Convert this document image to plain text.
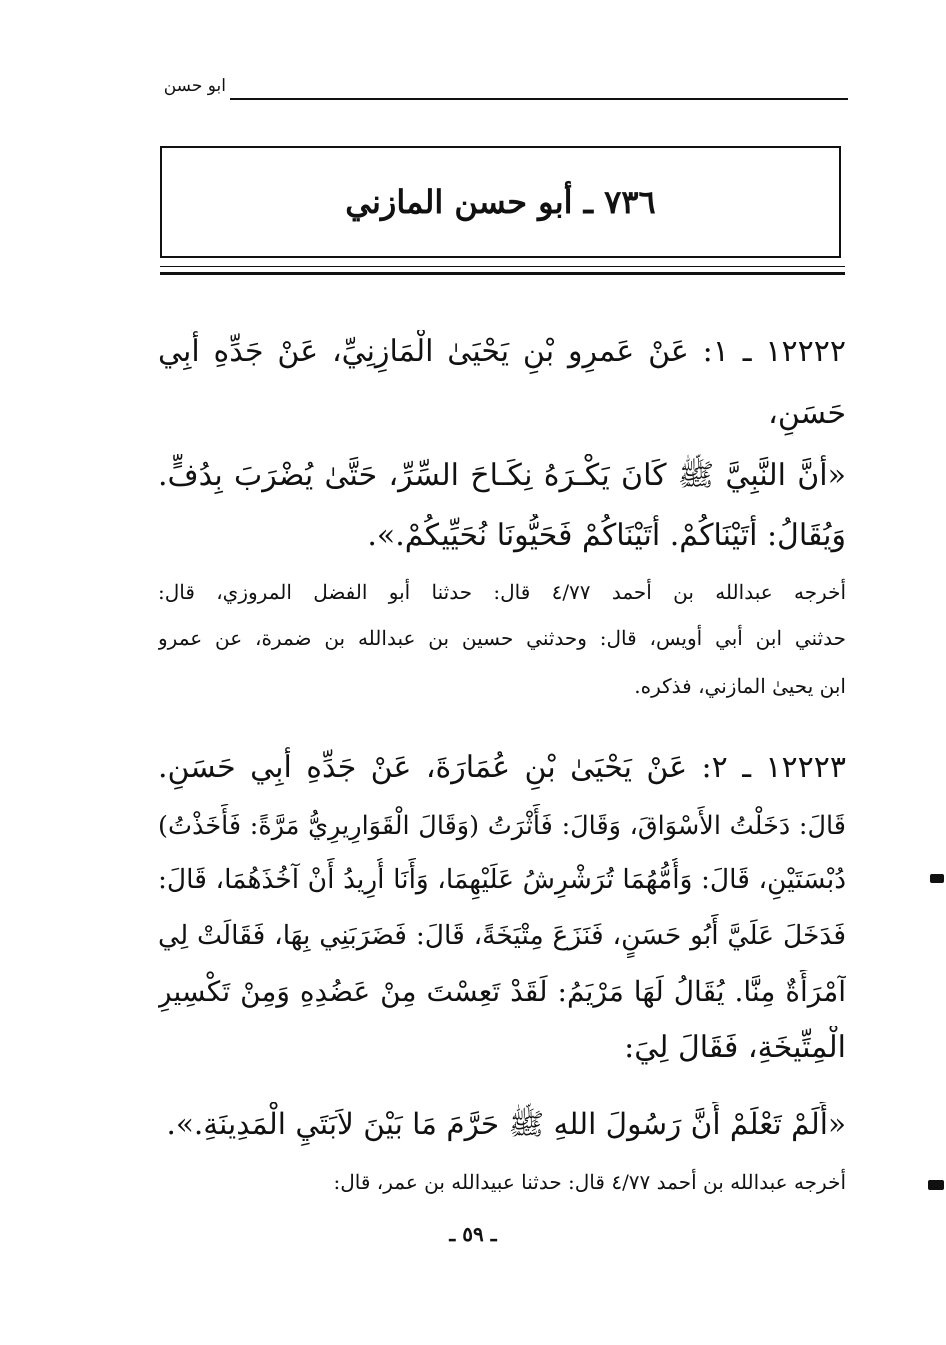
ابو حسن
٧٣٦ ـ أبو حسن المازني
١٢٢٢٢ ـ ١: عَنْ عَمرِو بْنِ يَحْيَىٰ الْمَازِنِيِّ، عَنْ جَدِّهِ أَبِي
حَسَنٍ،
«أَنَّ النَّبِيَّ ﷺ كَانَ يَكْـرَهُ نِكَـاحَ السِّرِّ، حَتَّىٰ يُضْرَبَ بِدُفٍّ.
وَيُقَالُ: أَتَيْنَاكُمْ. أَتَيْنَاكُمْ فَحَيُّونَا نُحَيِّيكُمْ.».
أخرجه عبدالله بن أحمد ٤/٧٧ قال: حدثنا أبو الفضل المروزي، قال:
حدثني ابن أبي أويس، قال: وحدثني حسين بن عبدالله بن ضمرة، عن عمرو
ابن يحيىٰ المازني، فذكره.
١٢٢٢٣ ـ ٢: عَنْ يَحْيَىٰ بْنِ عُمَارَةَ، عَنْ جَدِّهِ أَبِي حَسَنٍ.
قَالَ: دَخَلْتُ الأَسْوَاقَ، وَقَالَ: فَأَثْرَتُ (وَقَالَ الْقَوَارِيرِيُّ مَرَّةً: فَأَخَذْتُ)
دُبْسَتَيْنِ، قَالَ: وَأُمُّهُمَا تُرَشْرِشُ عَلَيْهِمَا، وَأَنَا أُرِيدُ أَنْ آخُذَهُمَا، قَالَ:
فَدَخَلَ عَلَيَّ أَبُو حَسَنٍ، فَنَزَعَ مِتْيَخَةً، قَالَ: فَضَرَبَنِي بِهَا، فَقَالَتْ لِي
آمْرَأَةٌ مِنَّا. يُقَالُ لَهَا مَرْيَمُ: لَقَدْ تَعِسْتَ مِنْ عَضُدِهِ وَمِنْ تَكْسِيرِ
الْمِتِّيخَةِ، فَقَالَ لِيَ:
«أَلَمْ تَعْلَمْ أَنَّ رَسُولَ اللهِ ﷺ حَرَّمَ مَا بَيْنَ لاَبَتَيِ الْمَدِينَةِ.».
أخرجه عبدالله بن أحمد ٤/٧٧ قال: حدثنا عبيدالله بن عمر، قال:
ـ ٥٩ ـ
